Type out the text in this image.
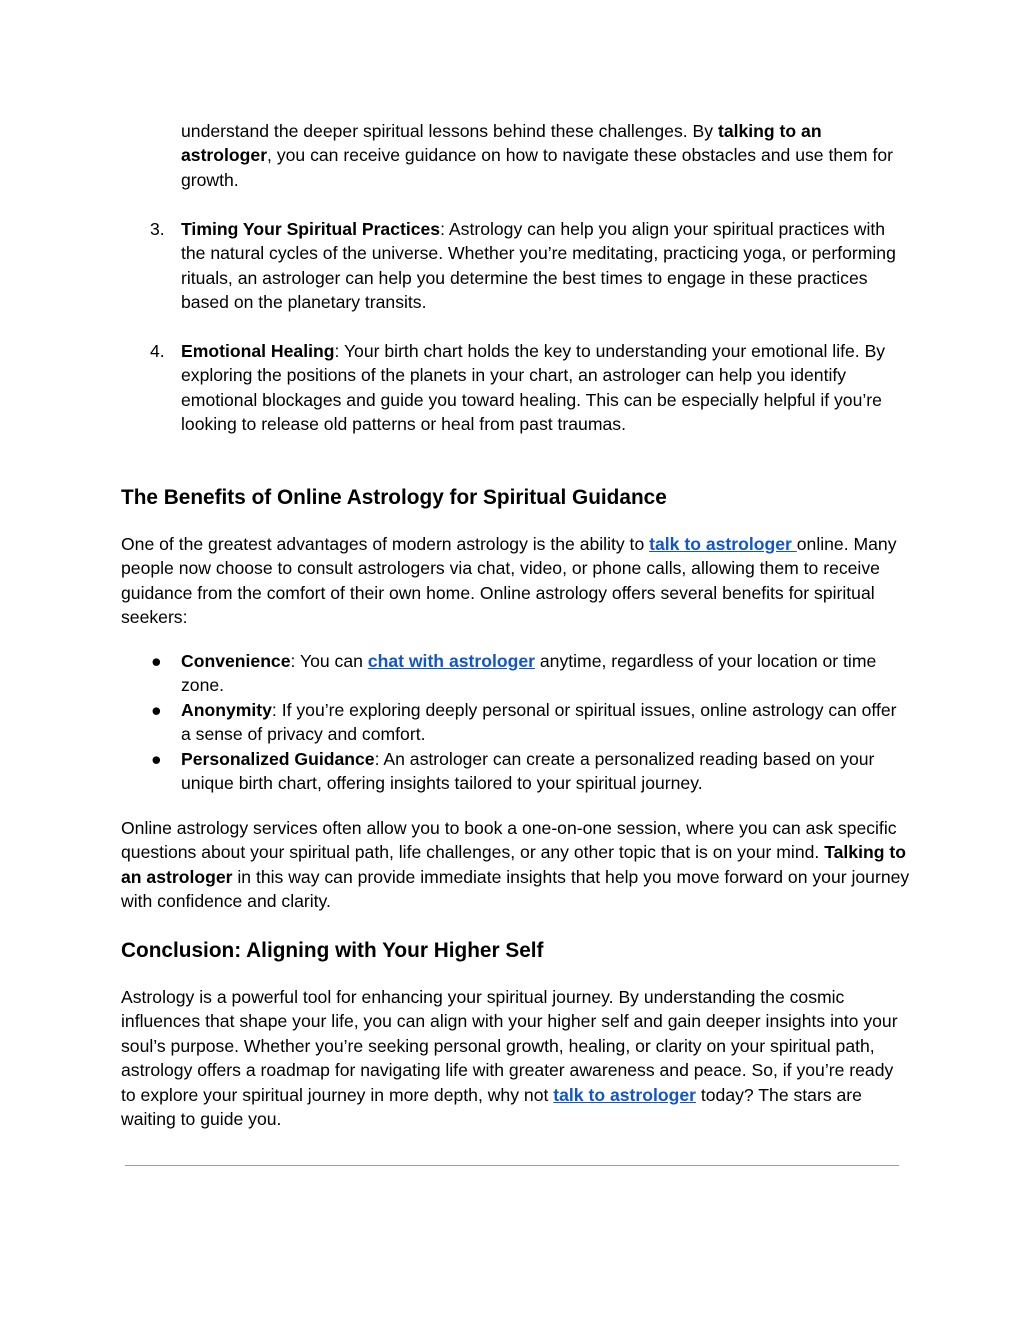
understand the deeper spiritual lessons behind these challenges. By talking to an astrologer, you can receive guidance on how to navigate these obstacles and use them for growth.

3. Timing Your Spiritual Practices: Astrology can help you align your spiritual practices with the natural cycles of the universe. Whether you’re meditating, practicing yoga, or performing rituals, an astrologer can help you determine the best times to engage in these practices based on the planetary transits.
4. Emotional Healing: Your birth chart holds the key to understanding your emotional life. By exploring the positions of the planets in your chart, an astrologer can help you identify emotional blockages and guide you toward healing. This can be especially helpful if you’re looking to release old patterns or heal from past traumas.
The Benefits of Online Astrology for Spiritual Guidance

One of the greatest advantages of modern astrology is the ability to talk to astrologer online. Many people now choose to consult astrologers via chat, video, or phone calls, allowing them to receive guidance from the comfort of their own home. Online astrology offers several benefits for spiritual seekers:

● Convenience: You can chat with astrologer anytime, regardless of your location or time zone.
● Anonymity: If you’re exploring deeply personal or spiritual issues, online astrology can offer a sense of privacy and comfort.
● Personalized Guidance: An astrologer can create a personalized reading based on your unique birth chart, offering insights tailored to your spiritual journey.

Online astrology services often allow you to book a one-on-one session, where you can ask specific questions about your spiritual path, life challenges, or any other topic that is on your mind. Talking to an astrologer in this way can provide immediate insights that help you move forward on your journey with confidence and clarity.

Conclusion: Aligning with Your Higher Self

Astrology is a powerful tool for enhancing your spiritual journey. By understanding the cosmic influences that shape your life, you can align with your higher self and gain deeper insights into your soul’s purpose. Whether you’re seeking personal growth, healing, or clarity on your spiritual path, astrology offers a roadmap for navigating life with greater awareness and peace. So, if you’re ready to explore your spiritual journey in more depth, why not talk to astrologer today? The stars are waiting to guide you.
